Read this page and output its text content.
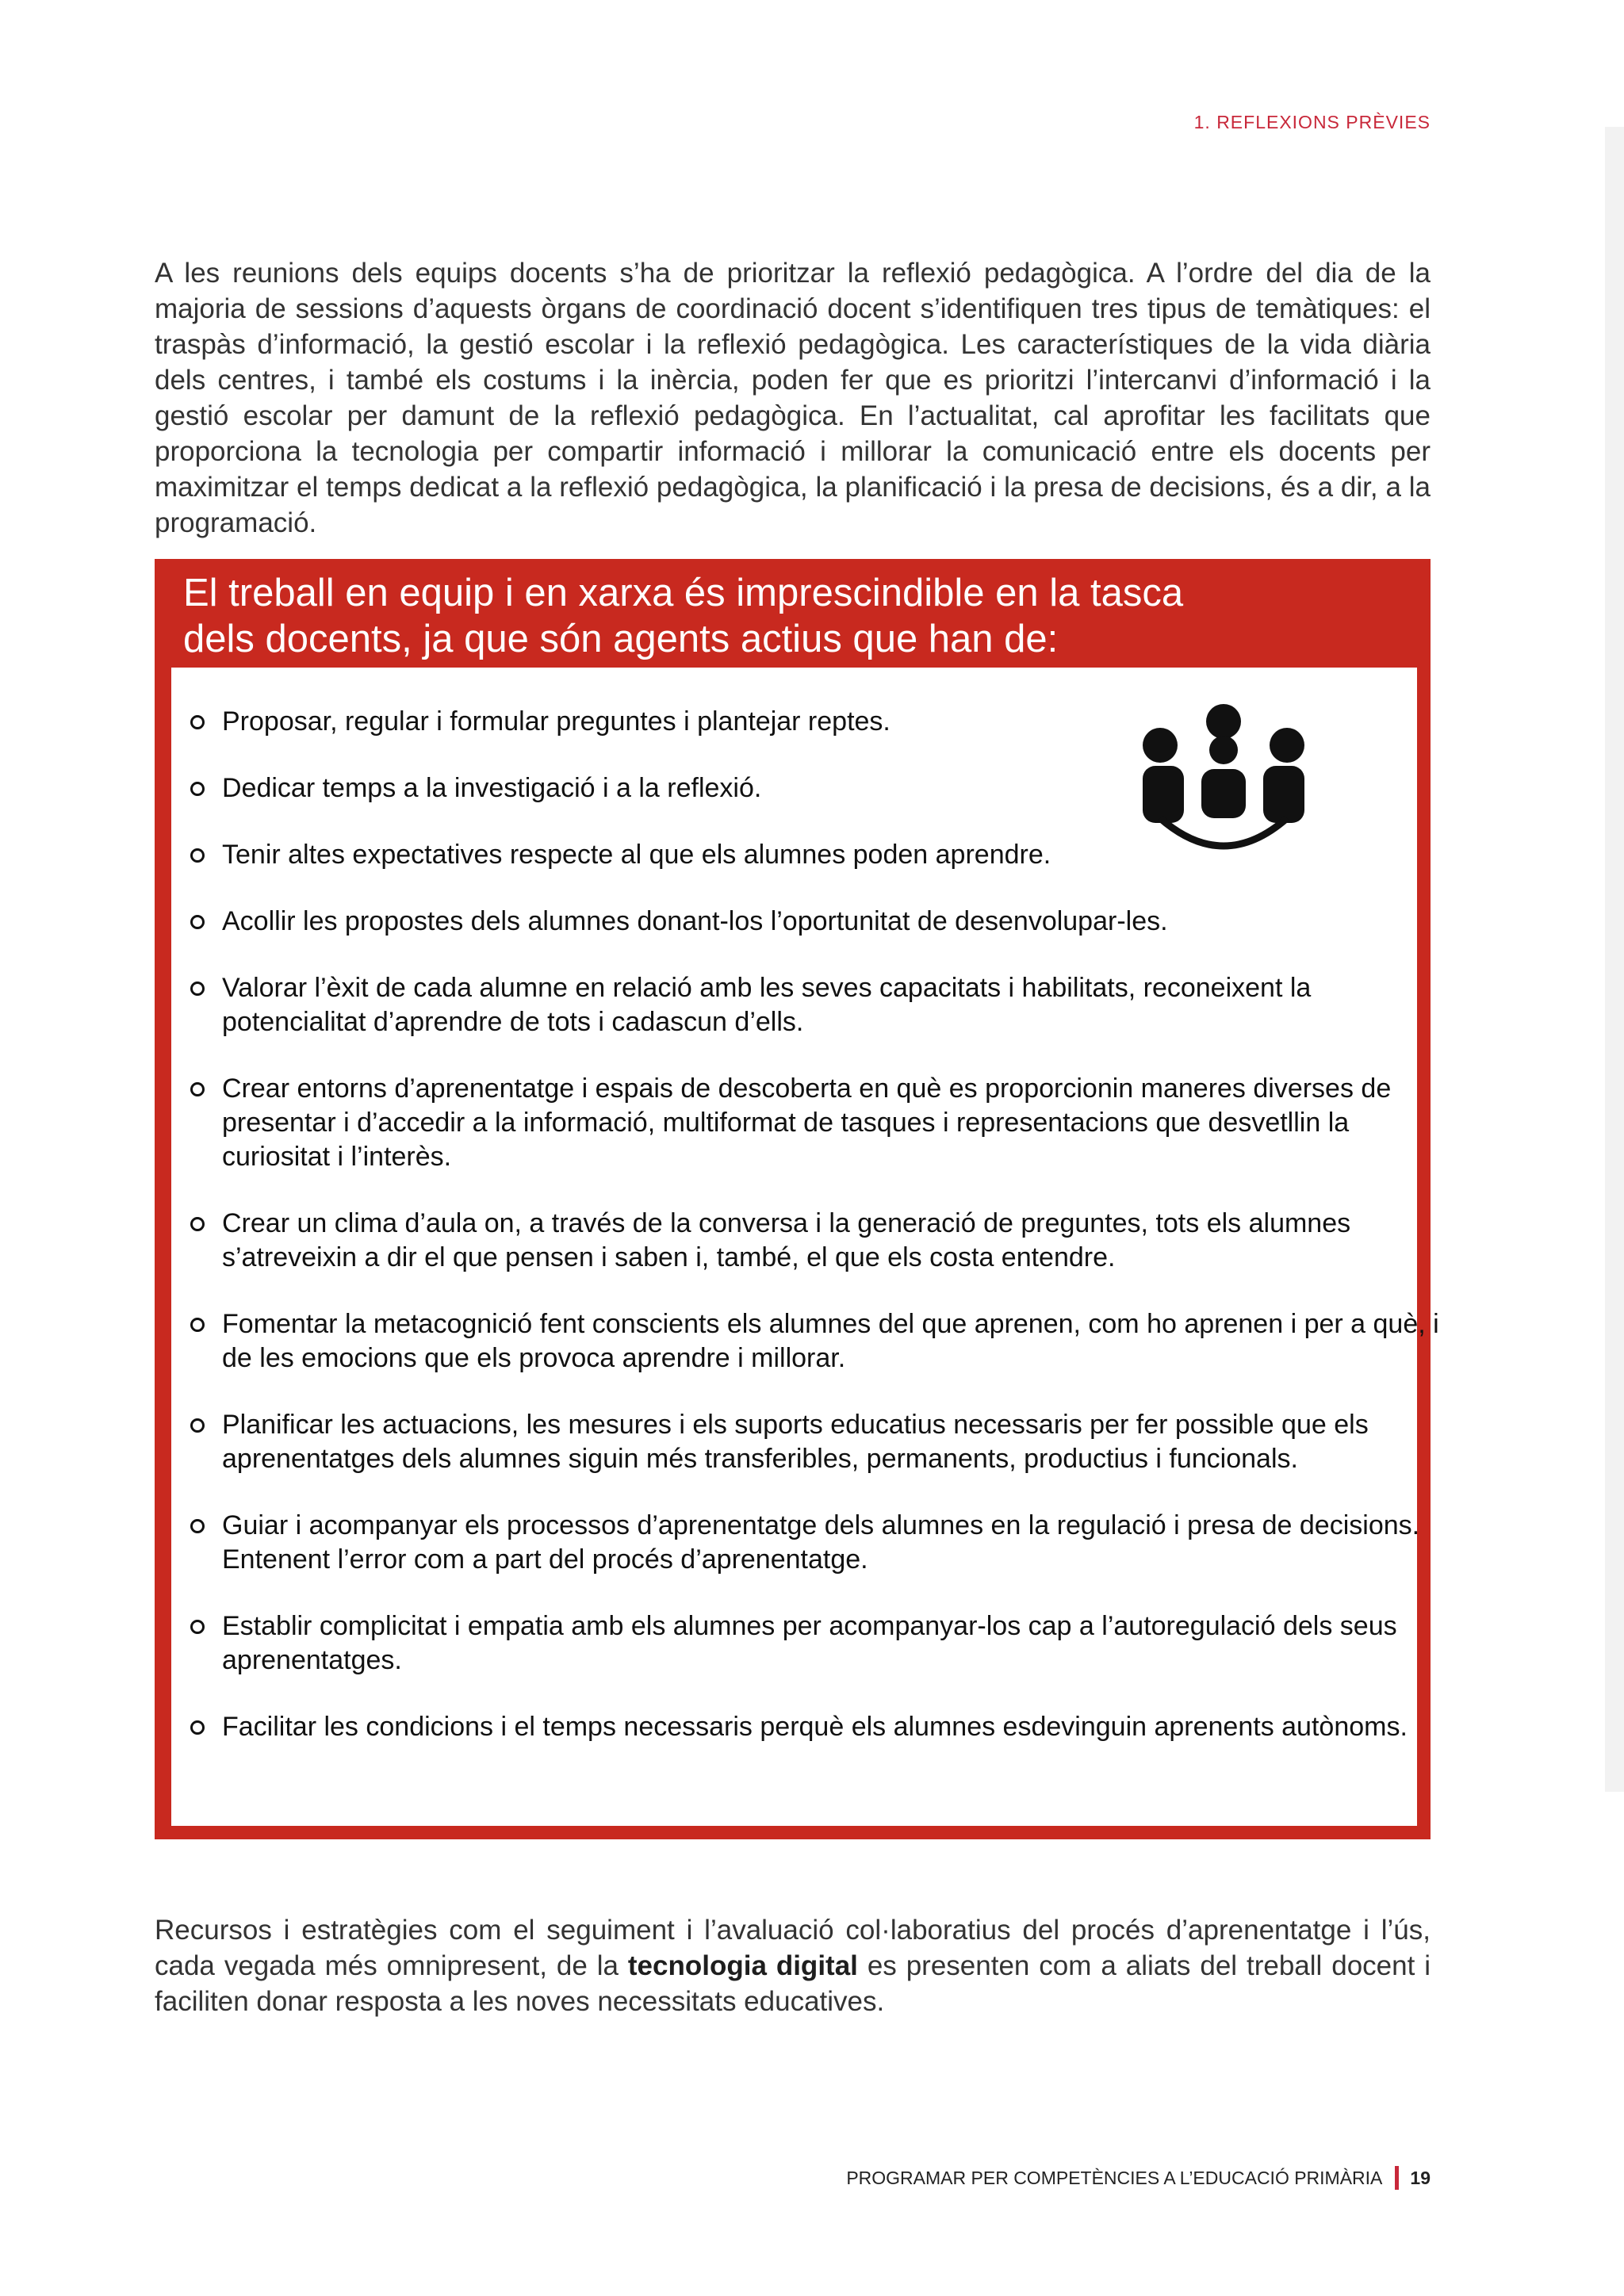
1. REFLEXIONS PRÈVIES

A les reunions dels equips docents s’ha de prioritzar la reflexió pedagògica. A l’ordre del dia de la majoria de sessions d’aquests òrgans de coordinació docent s’identifiquen tres tipus de temàtiques: el traspàs d’informació, la gestió escolar i la reflexió pedagògica. Les característiques de la vida diària dels centres, i també els costums i la inèrcia, poden fer que es prioritzi l’intercanvi d’informació i la gestió escolar per damunt de la reflexió pedagògica. En l’actualitat, cal aprofitar les facilitats que proporciona la tecnologia per compartir informació i millorar la comunicació entre els docents per maximitzar el temps dedicat a la reflexió pedagògica, la planificació i la presa de decisions, és a dir, a la programació.

El treball en equip i en xarxa és imprescindible en la tasca
dels docents, ja que són agents actius que han de:
Proposar, regular i formular preguntes i plantejar reptes.
Dedicar temps a la investigació i a la reflexió.
Tenir altes expectatives respecte al que els alumnes poden aprendre.
Acollir les propostes dels alumnes donant-los l’oportunitat de desenvolupar-les.
Valorar l’èxit de cada alumne en relació amb les seves capacitats i habilitats, reconeixent la potencialitat d’aprendre de tots i cadascun d’ells.
Crear entorns d’aprenentatge i espais de descoberta en què es proporcionin maneres diverses de presentar i d’accedir a la informació, multiformat de tasques i representacions que desvetllin la curiositat i l’interès.
Crear un clima d’aula on, a través de la conversa i la generació de preguntes, tots els alumnes s’atreveixin a dir el que pensen i saben i, també, el que els costa entendre.
Fomentar la metacognició fent conscients els alumnes del que aprenen, com ho aprenen i per a què, i de les emocions que els provoca aprendre i millorar.
Planificar les actuacions, les mesures i els suports educatius necessaris per fer possible que els aprenentatges dels alumnes siguin més transferibles, permanents, productius i funcionals.
Guiar i acompanyar els processos d’aprenentatge dels alumnes en la regulació i presa de decisions. Entenent l’error com a part del procés d’aprenentatge.
Establir complicitat i empatia amb els alumnes per acompanyar-los cap a l’autoregulació dels seus aprenentatges.
Facilitar les condicions i el temps necessaris perquè els alumnes esdevinguin aprenents autònoms.

Recursos i estratègies com el seguiment i l’avaluació col·laboratius del procés d’aprenentatge i l’ús, cada vegada més omnipresent, de la tecnologia digital es presenten com a aliats del treball docent i faciliten donar resposta a les noves necessitats educatives.

PROGRAMAR PER COMPETÈNCIES A L’EDUCACIÓ PRIMÀRIA 19
